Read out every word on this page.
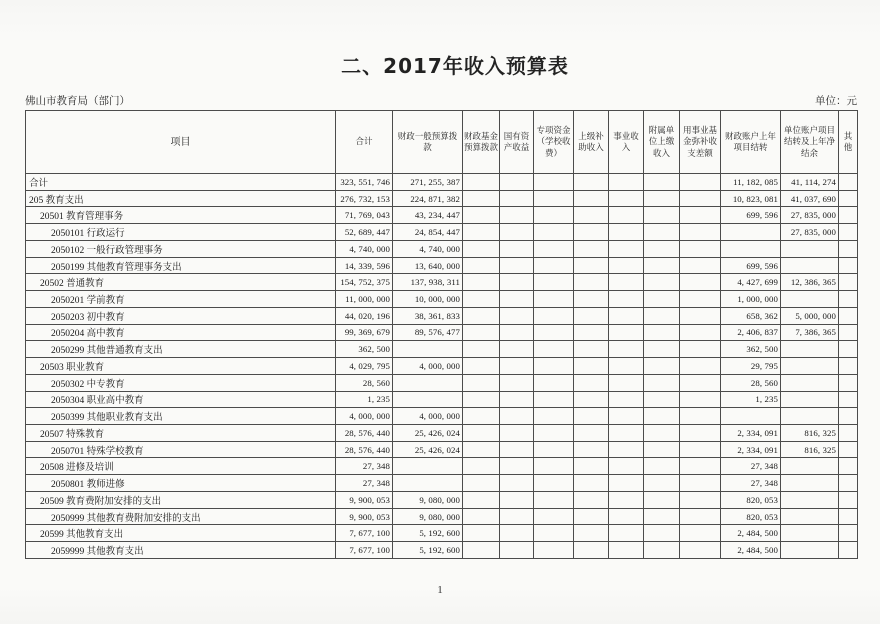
二、2017年收入预算表
佛山市教育局（部门）	单位：元
项目	合计	财政一般预算拨款	财政基金预算拨款	国有资产收益	专项资金（学校收费）	上级补助收入	事业收入	附属单位上缴收入	用事业基金弥补收支差额	财政账户上年项目结转	单位账户项目结转及上年净结余	其他
合计	323, 551, 746	271, 255, 387								11, 182, 085	41, 114, 274	
205 教育支出	276, 732, 153	224, 871, 382								10, 823, 081	41, 037, 690	
20501 教育管理事务	71, 769, 043	43, 234, 447								699, 596	27, 835, 000	
2050101 行政运行	52, 689, 447	24, 854, 447									27, 835, 000	
2050102 一般行政管理事务	4, 740, 000	4, 740, 000										
2050199 其他教育管理事务支出	14, 339, 596	13, 640, 000								699, 596		
20502 普通教育	154, 752, 375	137, 938, 311								4, 427, 699	12, 386, 365	
2050201 学前教育	11, 000, 000	10, 000, 000								1, 000, 000		
2050203 初中教育	44, 020, 196	38, 361, 833								658, 362	5, 000, 000	
2050204 高中教育	99, 369, 679	89, 576, 477								2, 406, 837	7, 386, 365	
2050299 其他普通教育支出	362, 500									362, 500		
20503 职业教育	4, 029, 795	4, 000, 000								29, 795		
2050302 中专教育	28, 560									28, 560		
2050304 职业高中教育	1, 235									1, 235		
2050399 其他职业教育支出	4, 000, 000	4, 000, 000										
20507 特殊教育	28, 576, 440	25, 426, 024								2, 334, 091	816, 325	
2050701 特殊学校教育	28, 576, 440	25, 426, 024								2, 334, 091	816, 325	
20508 进修及培训	27, 348									27, 348		
2050801 教师进修	27, 348									27, 348		
20509 教育费附加安排的支出	9, 900, 053	9, 080, 000								820, 053		
2050999 其他教育费附加安排的支出	9, 900, 053	9, 080, 000								820, 053		
20599 其他教育支出	7, 677, 100	5, 192, 600								2, 484, 500		
2059999 其他教育支出	7, 677, 100	5, 192, 600								2, 484, 500		
1
